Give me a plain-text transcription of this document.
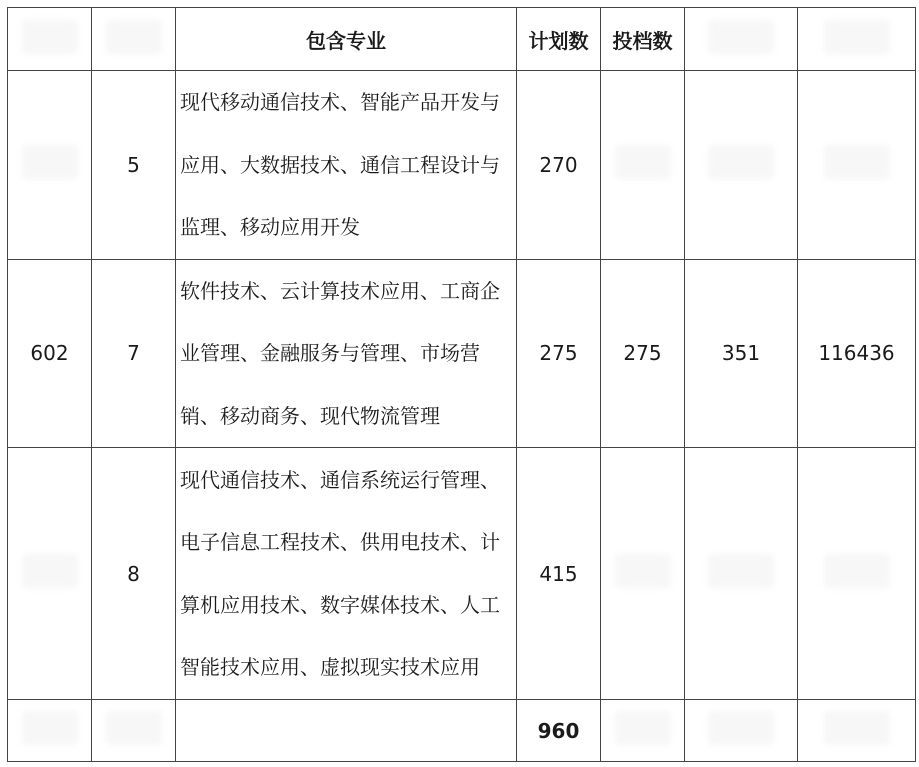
		包含专业	计划数	投档数		
	5	现代移动通信技术、智能产品开发与应用、大数据技术、通信工程设计与监理、移动应用开发	270			
602	7	软件技术、云计算技术应用、工商企业管理、金融服务与管理、市场营销、移动商务、现代物流管理	275	275	351	116436
	8	现代通信技术、通信系统运行管理、电子信息工程技术、供用电技术、计算机应用技术、数字媒体技术、人工智能技术应用、虚拟现实技术应用	415			
			960			
